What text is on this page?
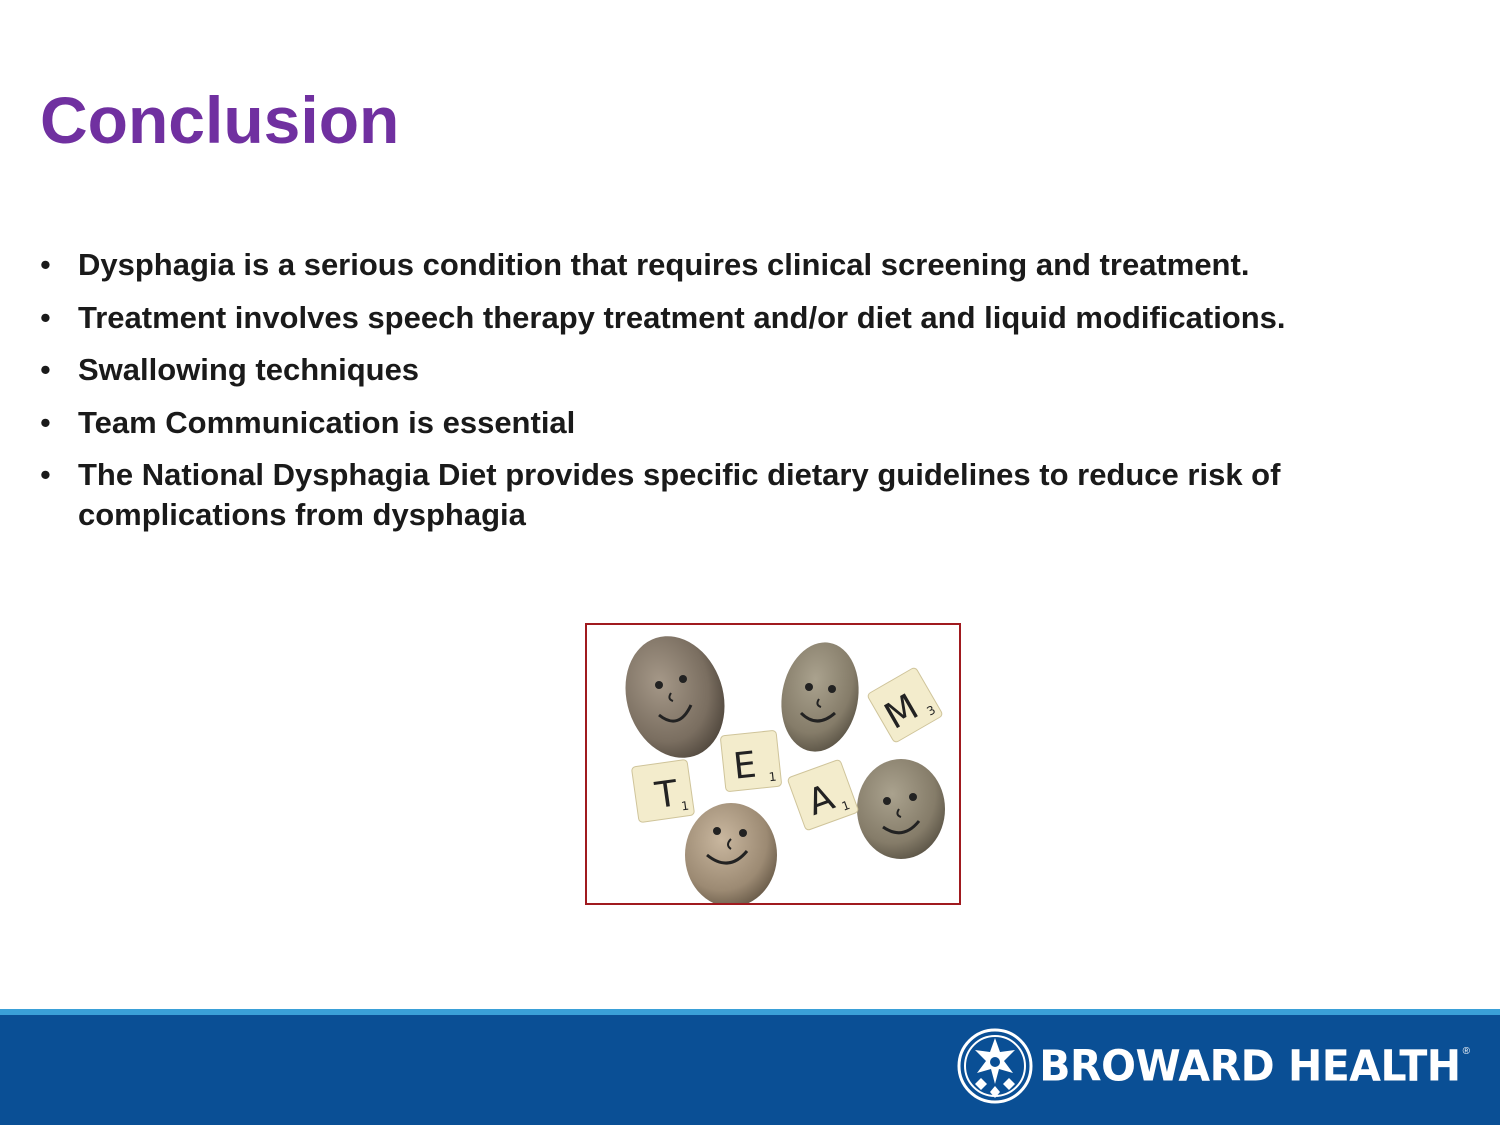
Conclusion
• Dysphagia is a serious condition that requires clinical screening and treatment.
• Treatment involves speech therapy treatment and/or diet and liquid modifications.
• Swallowing techniques
• Team Communication is essential
• The National Dysphagia Diet provides specific dietary guidelines to reduce risk of complications from dysphagia
T 1
E 1
A 1
M 3
BROWARD HEALTH ®
